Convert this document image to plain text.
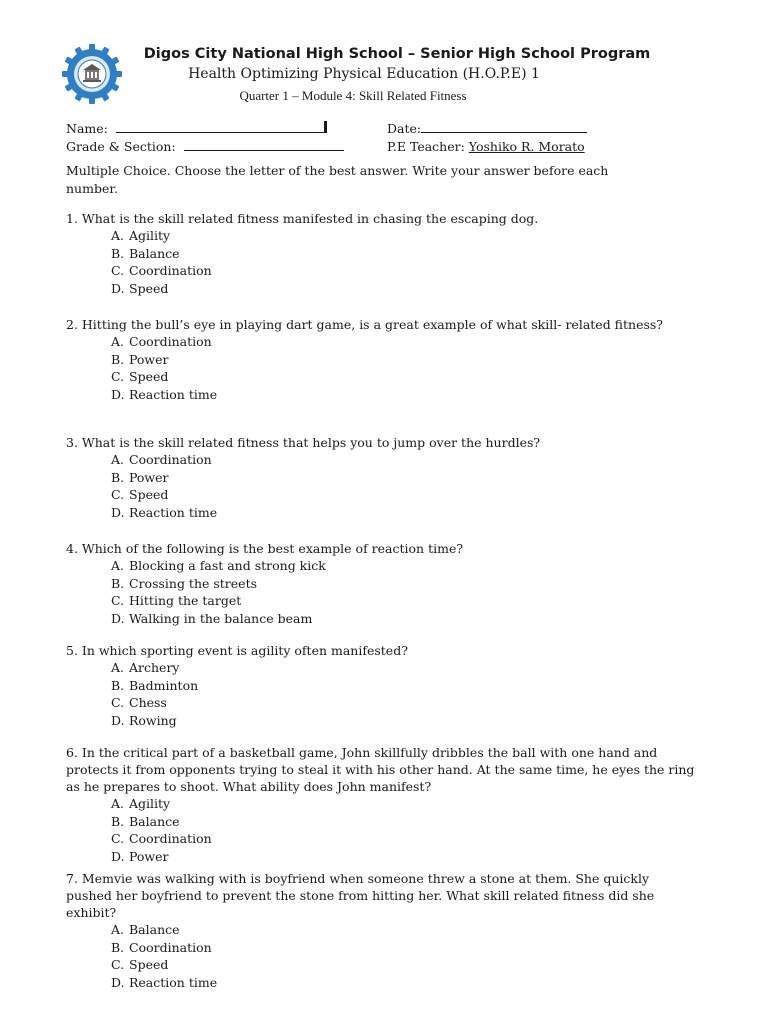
Digos City National High School – Senior High School Program
Health Optimizing Physical Education (H.O.P.E) 1
Quarter 1 – Module 4: Skill Related Fitness
Name:	Date:
Grade & Section:	P.E Teacher: Yoshiko R. Morato
Multiple Choice. Choose the letter of the best answer. Write your answer before each number.
1. What is the skill related fitness manifested in chasing the escaping dog.
A. Agility
B. Balance
C. Coordination
D. Speed
2. Hitting the bull’s eye in playing dart game, is a great example of what skill- related fitness?
A. Coordination
B. Power
C. Speed
D. Reaction time
3. What is the skill related fitness that helps you to jump over the hurdles?
A. Coordination
B. Power
C. Speed
D. Reaction time
4. Which of the following is the best example of reaction time?
A. Blocking a fast and strong kick
B. Crossing the streets
C. Hitting the target
D. Walking in the balance beam
5. In which sporting event is agility often manifested?
A. Archery
B. Badminton
C. Chess
D. Rowing
6. In the critical part of a basketball game, John skillfully dribbles the ball with one hand and protects it from opponents trying to steal it with his other hand. At the same time, he eyes the ring as he prepares to shoot. What ability does John manifest?
A. Agility
B. Balance
C. Coordination
D. Power
7. Memvie was walking with is boyfriend when someone threw a stone at them. She quickly pushed her boyfriend to prevent the stone from hitting her. What skill related fitness did she exhibit?
A. Balance
B. Coordination
C. Speed
D. Reaction time
